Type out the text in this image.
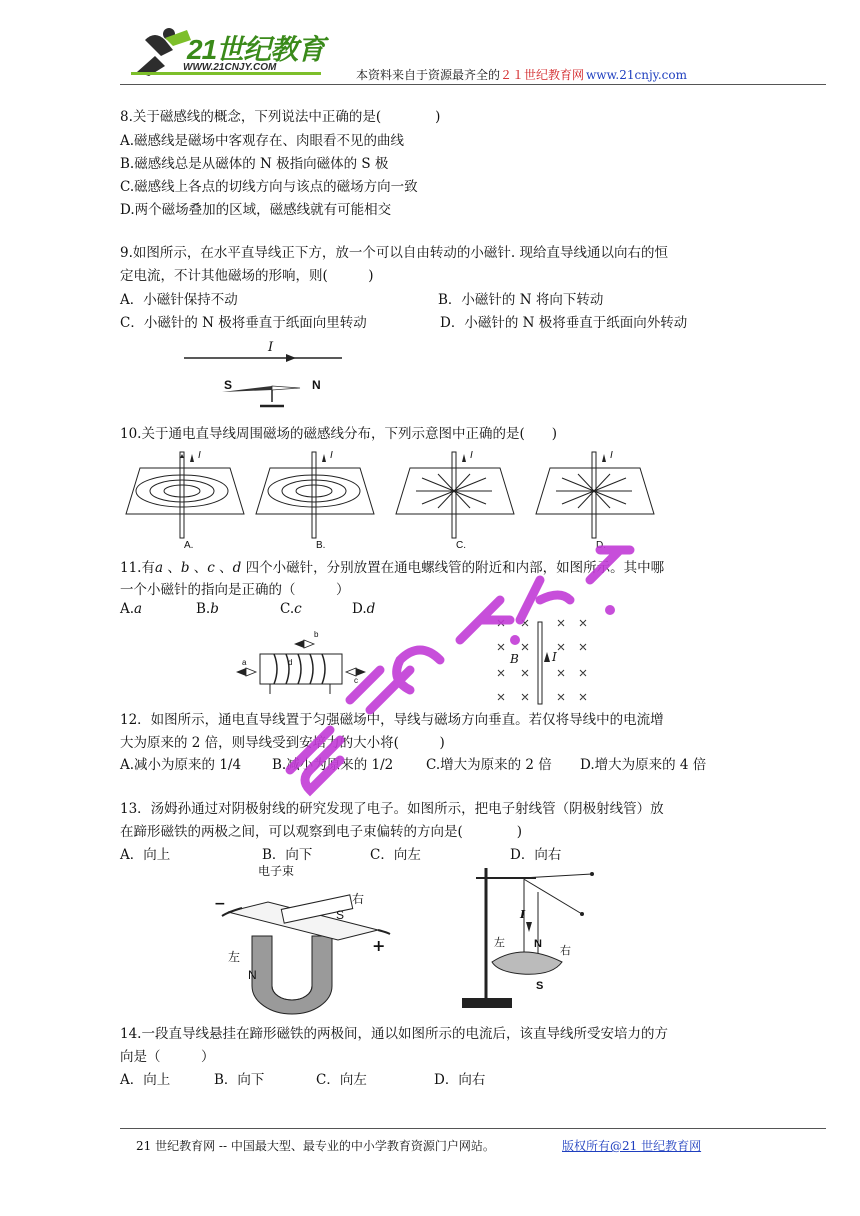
21世纪教育
WWW.21CNJY.COM
本资料来自于资源最齐全的２１世纪教育网 www.21cnjy.com
8.关于磁感线的概念，下列说法中正确的是(　　　　)
A.磁感线是磁场中客观存在、肉眼看不见的曲线
B.磁感线总是从磁体的 N 极指向磁体的 S 极
C.磁感线上各点的切线方向与该点的磁场方向一致
D.两个磁场叠加的区域，磁感线就有可能相交
9.如图所示，在水平直导线正下方，放一个可以自由转动的小磁针. 现给直导线通以向右的恒
定电流，不计其他磁场的形响，则(　　　)
A．小磁针保持不动	B．小磁针的 N 将向下转动
C．小磁针的 N 极将垂直于纸面向里转动	D．小磁针的 N 极将垂直于纸面向外转动
I
S	N
10.关于通电直导线周围磁场的磁感线分布，下列示意图中正确的是(　　)
I	I	I	I
A.	B.	C.	D.
11.有a 、b 、c 、d 四个小磁针，分别放置在通电螺线管的附近和内部，如图所示。其中哪
一个小磁针的指向是正确的（　　　）
A.a	B.b	C.c	D.d
a
b
c
d	B	I
12．如图所示，通电直导线置于匀强磁场中，导线与磁场方向垂直。若仅将导线中的电流增
大为原来的 2 倍，则导线受到安培力的大小将(　　　)
A.减小为原来的 1/4 B.减小为原来的 1/2 C.增大为原来的 2 倍 D.增大为原来的 4 倍
13．汤姆孙通过对阴极射线的研究发现了电子。如图所示，把电子射线管（阴极射线管）放
在蹄形磁铁的两极之间，可以观察到电子束偏转的方向是(　　　　)
A．向上	B．向下	C．向左	D．向右
−
电子束
S
右
+
左
N
I
左	N 右
S
14.一段直导线悬挂在蹄形磁铁的两极间，通以如图所示的电流后，该直导线所受安培力的方
向是（　　　）
A．向上	B．向下	C．向左	D．向右
21 世纪教育网 -- 中国最大型、最专业的中小学教育资源门户网站。	版权所有@21 世纪教育网
